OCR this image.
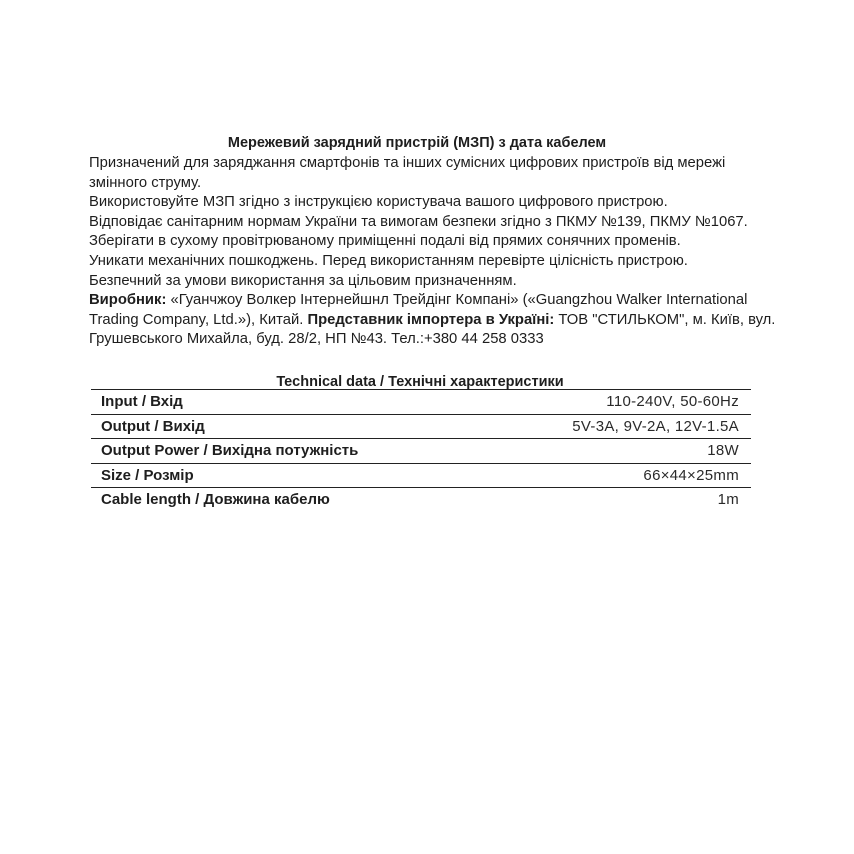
Мережевий зарядний пристрій (МЗП) з дата кабелем

Призначений для заряджання смартфонів та інших сумісних цифрових пристроїв від мережі змінного струму.

Використовуйте МЗП згідно з інструкцією користувача вашого цифрового пристрою.

Відповідає санітарним нормам України та вимогам безпеки згідно з ПКМУ №139, ПКМУ №1067.

Зберігати в сухому провітрюваному приміщенні подалі від прямих сонячних променів.

Уникати механічних пошкоджень. Перед використанням перевірте цілісність пристрою.

Безпечний за умови використання за цільовим призначенням.

Виробник: «Гуанчжоу Волкер Інтернейшнл Трейдінг Компані» («Guangzhou Walker International Trading Company, Ltd.»), Китай. Представник імпортера в Україні: ТОВ "СТИЛЬКОМ", м. Київ, вул. Грушевського Михайла, буд. 28/2, НП №43. Тел.:+380 44 258 0333

Technical data / Технічні характеристики
Input / Вхід	110-240V, 50-60Hz
Output / Вихід	5V-3A, 9V-2A, 12V-1.5A
Output Power / Вихідна потужність	18W
Size / Розмір	66×44×25mm
Cable length / Довжина кабелю	1m
